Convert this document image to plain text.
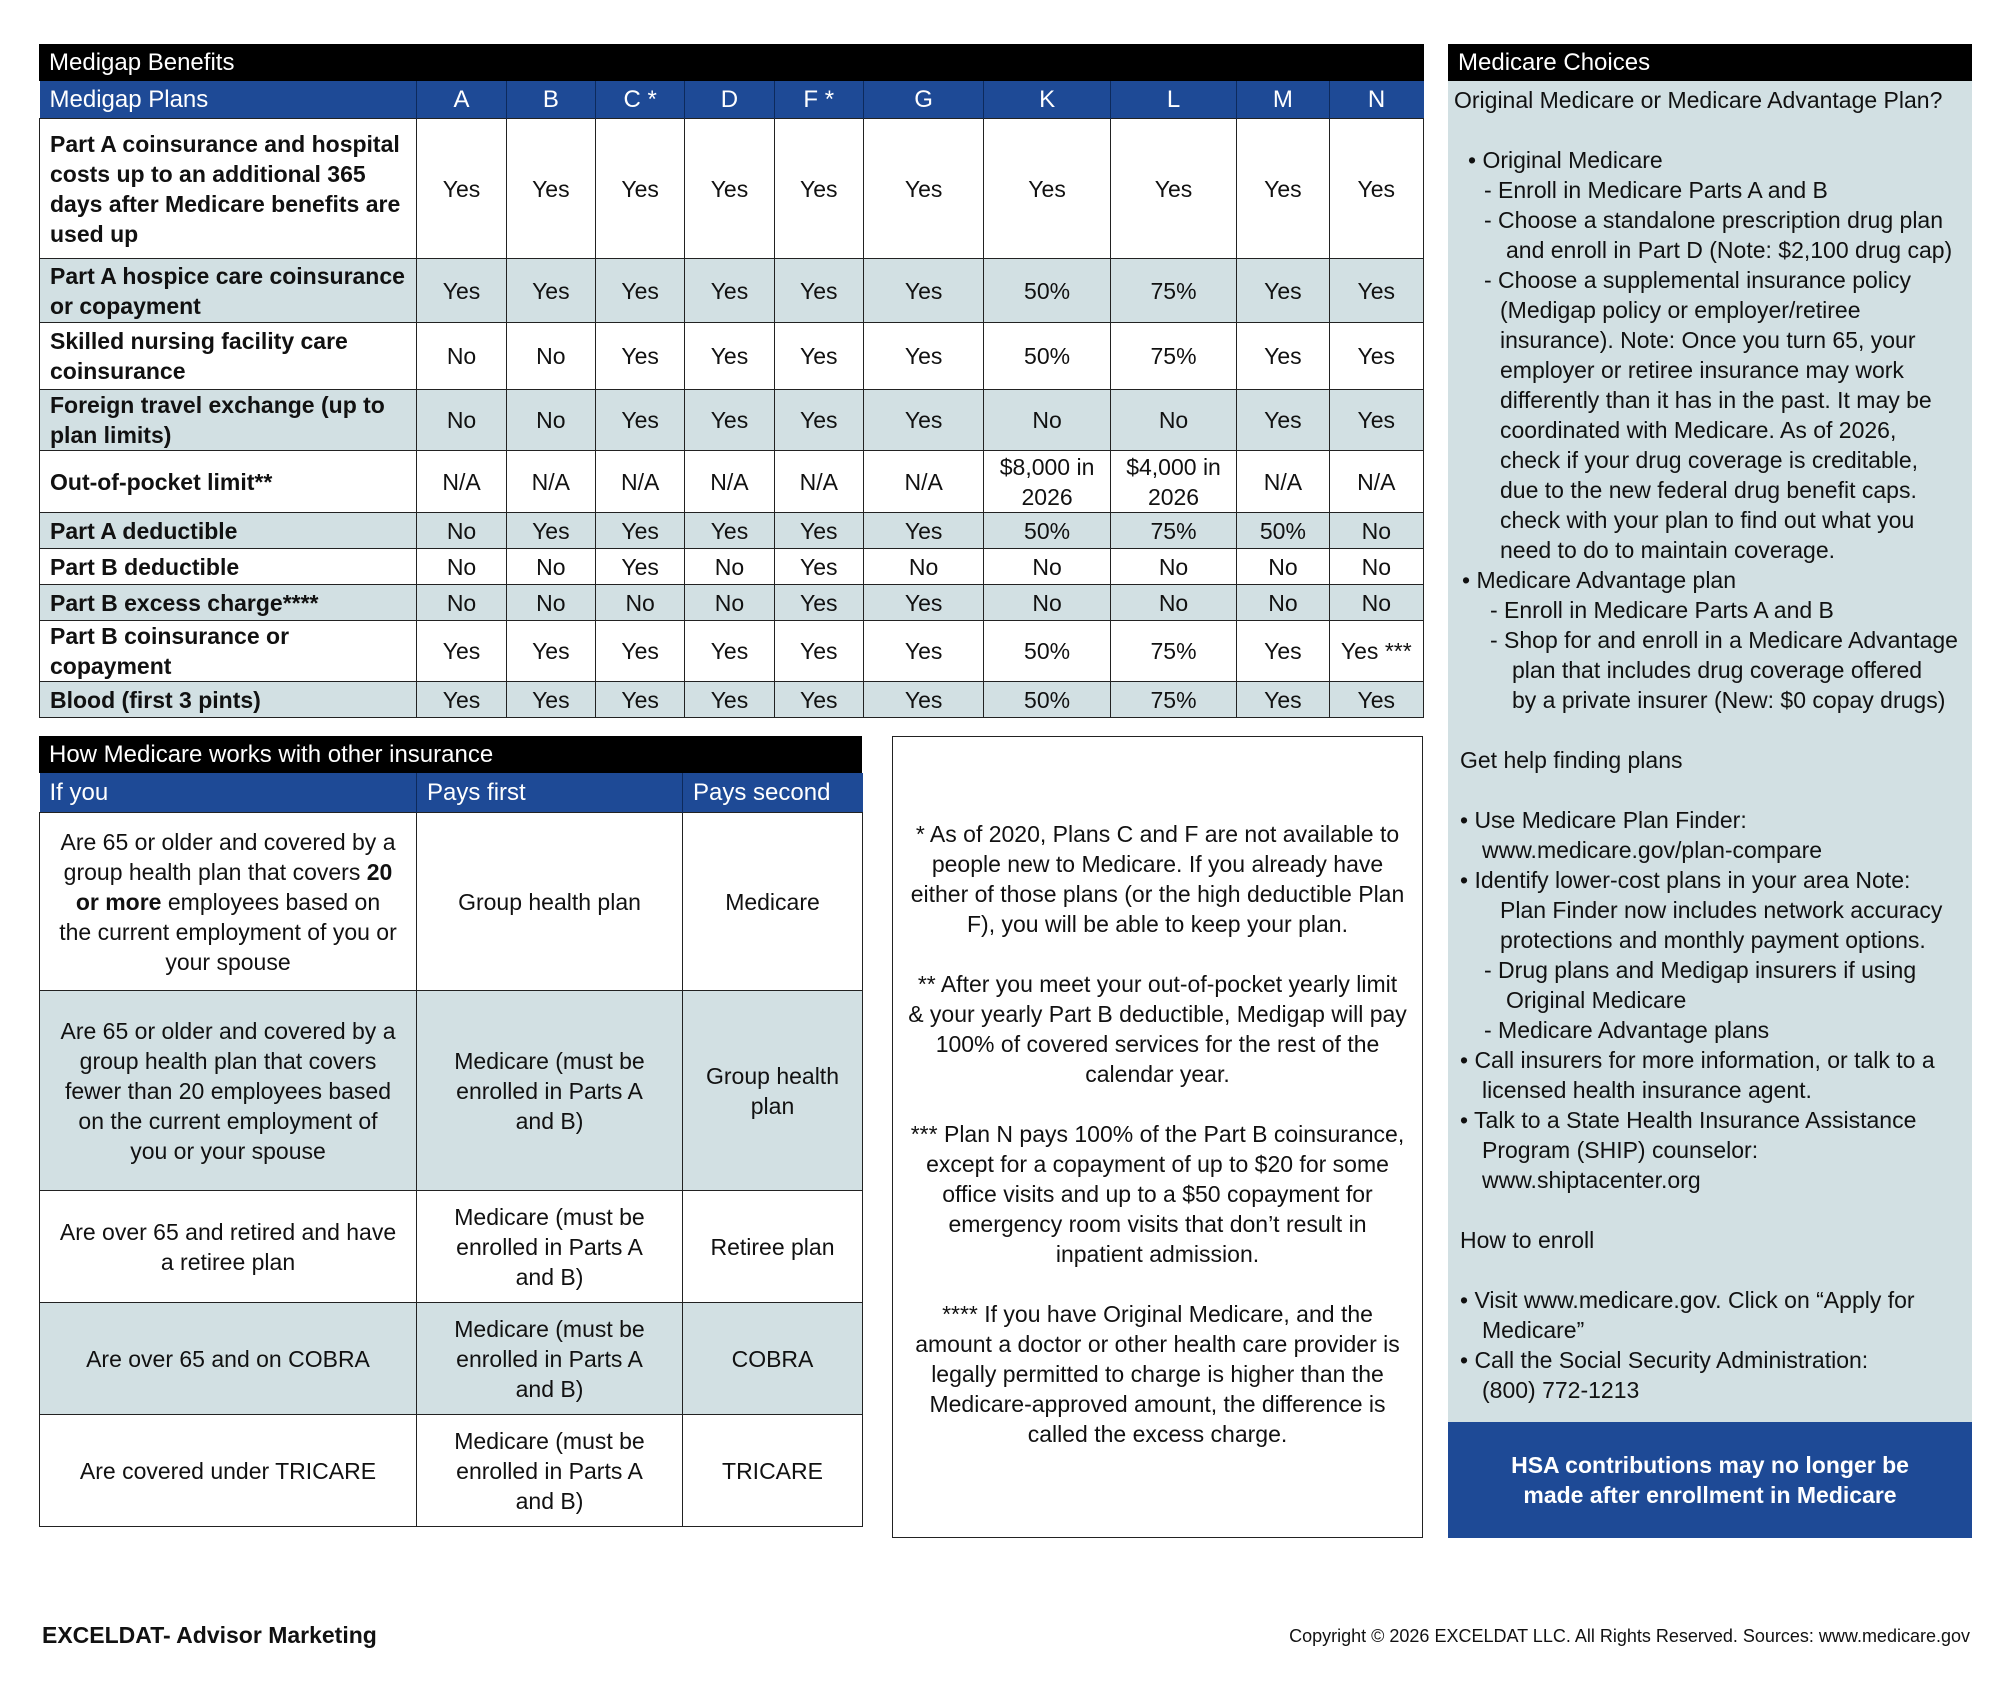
Medigap Benefits
Medigap Plans	A	B	C *	D	F *	G	K	L	M	N
Part A coinsurance and hospital costs up to an additional 365 days after Medicare benefits are used up	Yes	Yes	Yes	Yes	Yes	Yes	Yes	Yes	Yes	Yes
Part A hospice care coinsurance or copayment	Yes	Yes	Yes	Yes	Yes	Yes	50%	75%	Yes	Yes
Skilled nursing facility care coinsurance	No	No	Yes	Yes	Yes	Yes	50%	75%	Yes	Yes
Foreign travel exchange (up to plan limits)	No	No	Yes	Yes	Yes	Yes	No	No	Yes	Yes
Out-of-pocket limit**	N/A	N/A	N/A	N/A	N/A	N/A	$8,000 in 2026	$4,000 in 2026	N/A	N/A
Part A deductible	No	Yes	Yes	Yes	Yes	Yes	50%	75%	50%	No
Part B deductible	No	No	Yes	No	Yes	No	No	No	No	No
Part B excess charge****	No	No	No	No	Yes	Yes	No	No	No	No
Part B coinsurance or copayment	Yes	Yes	Yes	Yes	Yes	Yes	50%	75%	Yes	Yes ***
Blood (first 3 pints)	Yes	Yes	Yes	Yes	Yes	Yes	50%	75%	Yes	Yes
How Medicare works with other insurance
If you	Pays first	Pays second
Are 65 or older and covered by a group health plan that covers 20 or more employees based on the current employment of you or your spouse	Group health plan	Medicare
Are 65 or older and covered by a group health plan that covers fewer than 20 employees based on the current employment of you or your spouse	Medicare (must be enrolled in Parts A and B)	Group health plan
Are over 65 and retired and have a retiree plan	Medicare (must be enrolled in Parts A and B)	Retiree plan
Are over 65 and on COBRA	Medicare (must be enrolled in Parts A and B)	COBRA
Are covered under TRICARE	Medicare (must be enrolled in Parts A and B)	TRICARE

* As of 2020, Plans C and F are not available to people new to Medicare. If you already have either of those plans (or the high deductible Plan F), you will be able to keep your plan.

** After you meet your out-of-pocket yearly limit & your yearly Part B deductible, Medigap will pay 100% of covered services for the rest of the calendar year.

*** Plan N pays 100% of the Part B coinsurance, except for a copayment of up to $20 for some office visits and up to a $50 copayment for emergency room visits that don’t result in inpatient admission.

**** If you have Original Medicare, and the amount a doctor or other health care provider is legally permitted to charge is higher than the Medicare-approved amount, the difference is called the excess charge.

Medicare Choices
Original Medicare or Medicare Advantage Plan?
• Original Medicare
- Enroll in Medicare Parts A and B
- Choose a standalone prescription drug plan
and enroll in Part D (Note: $2,100 drug cap)
- Choose a supplemental insurance policy
(Medigap policy or employer/retiree
insurance). Note: Once you turn 65, your
employer or retiree insurance may work
differently than it has in the past. It may be
coordinated with Medicare. As of 2026,
check if your drug coverage is creditable,
due to the new federal drug benefit caps.
check with your plan to find out what you
need to do to maintain coverage.
• Medicare Advantage plan
- Enroll in Medicare Parts A and B
- Shop for and enroll in a Medicare Advantage
plan that includes drug coverage offered
by a private insurer (New: $0 copay drugs)
Get help finding plans
• Use Medicare Plan Finder:
www.medicare.gov/plan-compare
• Identify lower-cost plans in your area Note:
Plan Finder now includes network accuracy
protections and monthly payment options.
- Drug plans and Medigap insurers if using
Original Medicare
- Medicare Advantage plans
• Call insurers for more information, or talk to a
licensed health insurance agent.
• Talk to a State Health Insurance Assistance
Program (SHIP) counselor:
www.shiptacenter.org
How to enroll
• Visit www.medicare.gov. Click on “Apply for
Medicare”
• Call the Social Security Administration:
(800) 772-1213
HSA contributions may no longer be
made after enrollment in Medicare
EXCELDAT- Advisor Marketing	Copyright © 2026 EXCELDAT LLC. All Rights Reserved. Sources: www.medicare.gov
